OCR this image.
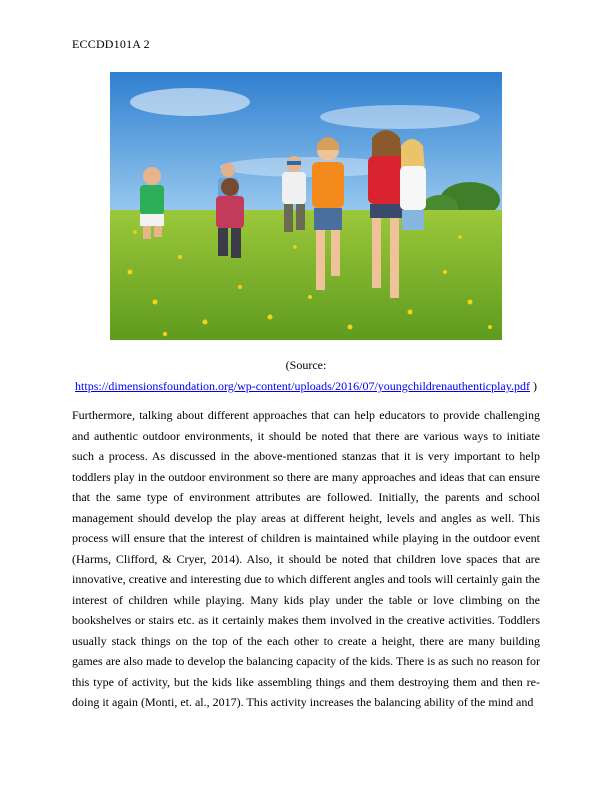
ECCDD101A 2
(Source:
https://dimensionsfoundation.org/wp-content/uploads/2016/07/youngchildrenauthenticplay.pdf )

Furthermore, talking about different approaches that can help educators to provide challenging and authentic outdoor environments, it should be noted that there are various ways to initiate such a process. As discussed in the above-mentioned stanzas that it is very important to help toddlers play in the outdoor environment so there are many approaches and ideas that can ensure that the same type of environment attributes are followed. Initially, the parents and school management should develop the play areas at different height, levels and angles as well. This process will ensure that the interest of children is maintained while playing in the outdoor event (Harms, Clifford, & Cryer, 2014). Also, it should be noted that children love spaces that are innovative, creative and interesting due to which different angles and tools will certainly gain the interest of children while playing. Many kids play under the table or love climbing on the bookshelves or stairs etc. as it certainly makes them involved in the creative activities. Toddlers usually stack things on the top of the each other to create a height, there are many building games are also made to develop the balancing capacity of the kids. There is as such no reason for this type of activity, but the kids like assembling things and them destroying them and then re-doing it again (Monti, et. al., 2017). This activity increases the balancing ability of the mind and
